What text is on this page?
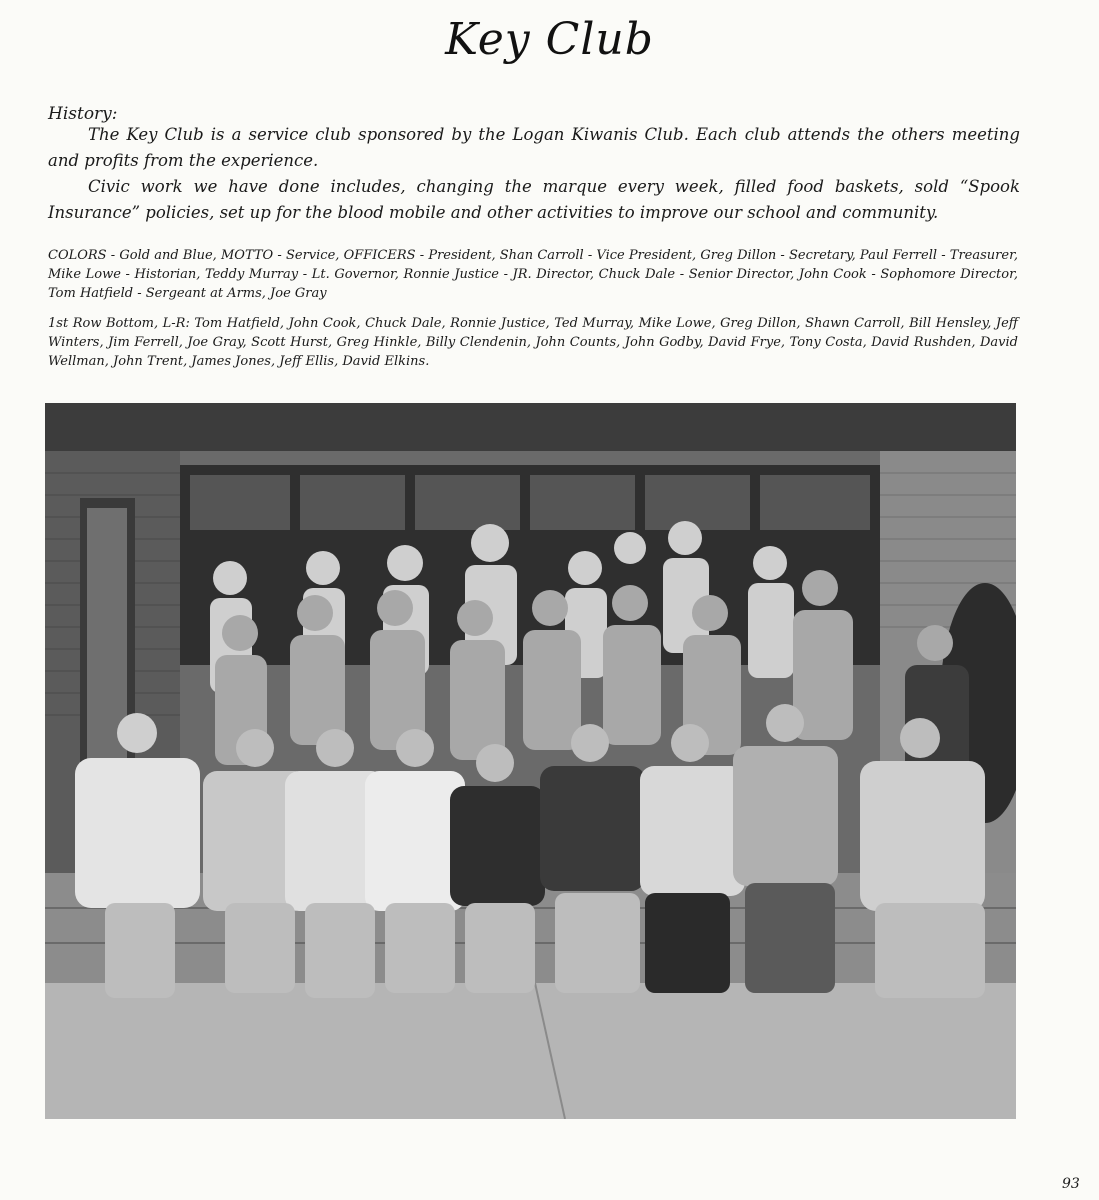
Key Club
History:
The Key Club is a service club sponsored by the Logan Kiwanis Club. Each club attends the others meeting and profits from the experience.
Civic work we have done includes, changing the marque every week, filled food baskets, sold “Spook Insurance” policies, set up for the blood mobile and other activities to improve our school and community.
COLORS - Gold and Blue, MOTTO - Service, OFFICERS - President, Shan Carroll - Vice President, Greg Dillon - Secretary, Paul Ferrell - Treasurer, Mike Lowe - Historian, Teddy Murray - Lt. Governor, Ronnie Justice - JR. Director, Chuck Dale - Senior Director, John Cook - Sophomore Director, Tom Hatfield - Sergeant at Arms, Joe Gray
1st Row Bottom, L-R: Tom Hatfield, John Cook, Chuck Dale, Ronnie Justice, Ted Murray, Mike Lowe, Greg Dillon, Shawn Carroll, Bill Hensley, Jeff Winters, Jim Ferrell, Joe Gray, Scott Hurst, Greg Hinkle, Billy Clendenin, John Counts, John Godby, David Frye, Tony Costa, David Rushden, David Wellman, John Trent, James Jones, Jeff Ellis, David Elkins.
93
